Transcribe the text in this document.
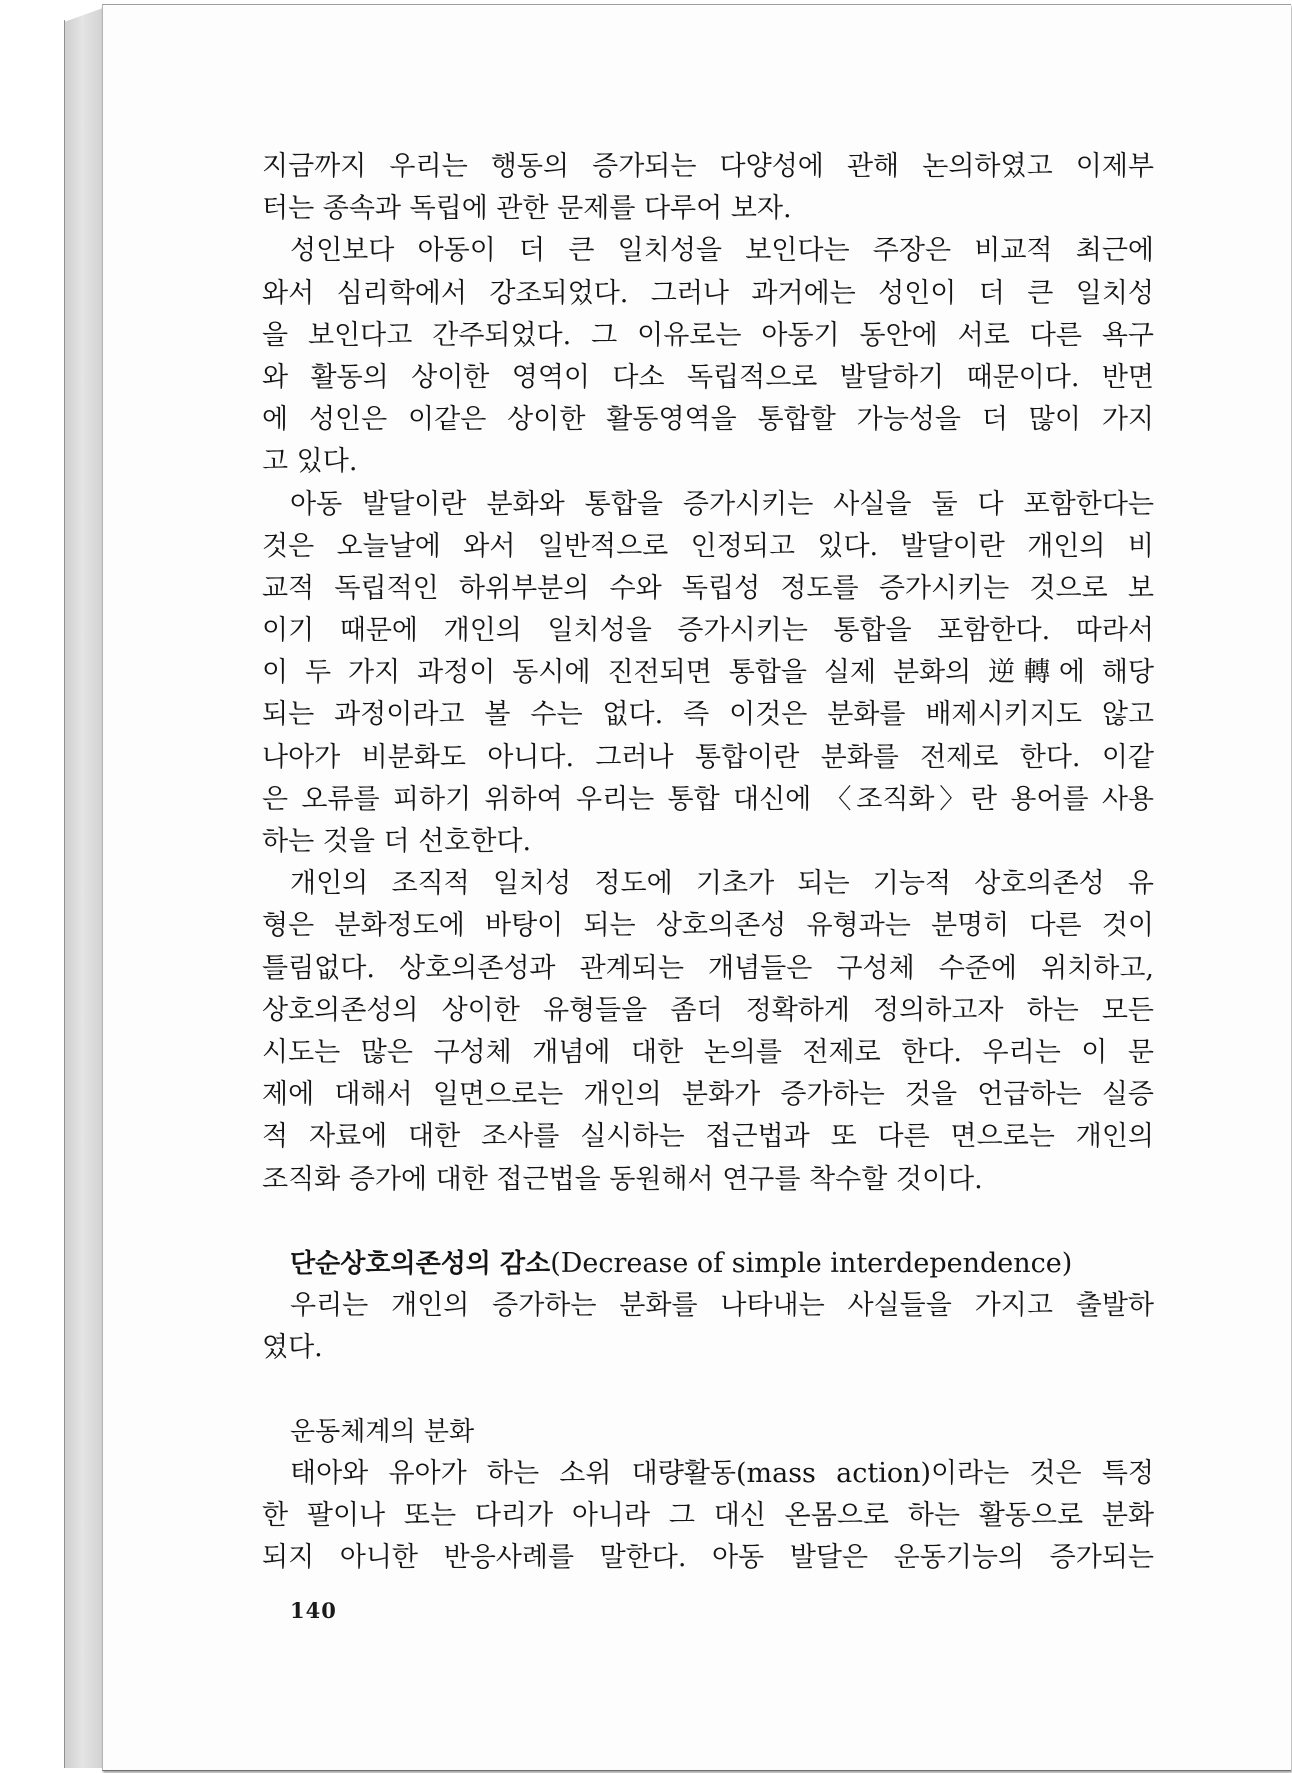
지금까지 우리는 행동의 증가되는 다양성에 관해 논의하였고 이제부
터는 종속과 독립에 관한 문제를 다루어 보자.
성인보다 아동이 더 큰 일치성을 보인다는 주장은 비교적 최근에
와서 심리학에서 강조되었다. 그러나 과거에는 성인이 더 큰 일치성
을 보인다고 간주되었다. 그 이유로는 아동기 동안에 서로 다른 욕구
와 활동의 상이한 영역이 다소 독립적으로 발달하기 때문이다. 반면
에 성인은 이같은 상이한 활동영역을 통합할 가능성을 더 많이 가지
고 있다.
아동 발달이란 분화와 통합을 증가시키는 사실을 둘 다 포함한다는
것은 오늘날에 와서 일반적으로 인정되고 있다. 발달이란 개인의 비
교적 독립적인 하위부분의 수와 독립성 정도를 증가시키는 것으로 보
이기 때문에 개인의 일치성을 증가시키는 통합을 포함한다. 따라서
이 두 가지 과정이 동시에 진전되면 통합을 실제 분화의 逆轉에 해당
되는 과정이라고 볼 수는 없다. 즉 이것은 분화를 배제시키지도 않고
나아가 비분화도 아니다. 그러나 통합이란 분화를 전제로 한다. 이같
은 오류를 피하기 위하여 우리는 통합 대신에 〈조직화〉란 용어를 사용
하는 것을 더 선호한다.
개인의 조직적 일치성 정도에 기초가 되는 기능적 상호의존성 유
형은 분화정도에 바탕이 되는 상호의존성 유형과는 분명히 다른 것이
틀림없다. 상호의존성과 관계되는 개념들은 구성체 수준에 위치하고,
상호의존성의 상이한 유형들을 좀더 정확하게 정의하고자 하는 모든
시도는 많은 구성체 개념에 대한 논의를 전제로 한다. 우리는 이 문
제에 대해서 일면으로는 개인의 분화가 증가하는 것을 언급하는 실증
적 자료에 대한 조사를 실시하는 접근법과 또 다른 면으로는 개인의
조직화 증가에 대한 접근법을 동원해서 연구를 착수할 것이다.
단순상호의존성의 감소(Decrease of simple interdependence)
우리는 개인의 증가하는 분화를 나타내는 사실들을 가지고 출발하
였다.
운동체계의 분화
태아와 유아가 하는 소위 대량활동(mass action)이라는 것은 특정
한 팔이나 또는 다리가 아니라 그 대신 온몸으로 하는 활동으로 분화
되지 아니한 반응사례를 말한다. 아동 발달은 운동기능의 증가되는
140
